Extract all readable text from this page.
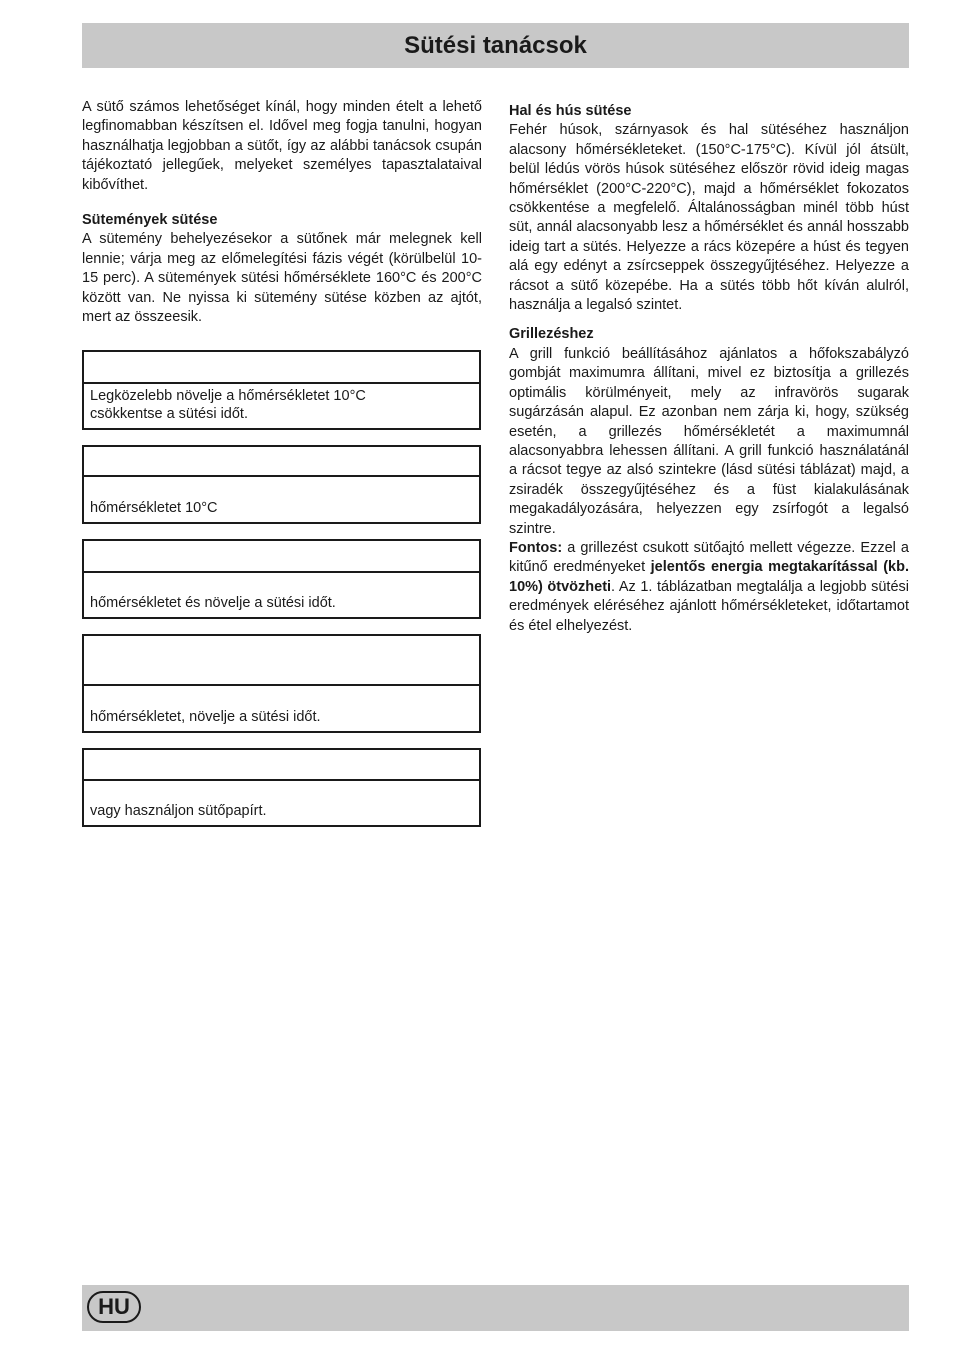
Sütési tanácsok

A sütő számos lehetőséget kínál, hogy minden ételt a lehető legfinomabban készítsen el. Idővel meg fogja tanulni, hogyan használhatja legjobban a sütőt, így az alábbi tanácsok csupán tájékoztató jellegűek, melyeket személyes tapasztalataival kibővíthet.

Sütemények sütése

A sütemény behelyezésekor a sütőnek már melegnek kell lennie; várja meg az előmelegítési fázis végét (körülbelül 10-15 perc). A sütemények sütési hőmérséklete 160°C és 200°C között van. Ne nyissa ki sütemény sütése közben az ajtót, mert az összeesik.

Legközelebb növelje a hőmérsékletet 10°C
csökkentse a sütési időt.
hőmérsékletet 10°C
hőmérsékletet és növelje a sütési időt.
hőmérsékletet, növelje a sütési időt.
vagy használjon sütőpapírt.

Hal és hús sütése

Fehér húsok, szárnyasok és hal sütéséhez használjon alacsony hőmérsékleteket. (150°C-175°C). Kívül jól átsült, belül lédús vörös húsok sütéséhez először rövid ideig magas hőmérséklet (200°C-220°C), majd a hőmérséklet fokozatos csökkentése a megfelelő. Általánosságban minél több húst süt, annál alacsonyabb lesz a hőmérséklet és annál hosszabb ideig tart a sütés. Helyezze a rács közepére a húst és tegyen alá egy edényt a zsírcseppek összegyűjtéséhez. Helyezze a rácsot a sütő közepébe. Ha a sütés több hőt kíván alulról, használja a legalsó szintet.

Grillezéshez

A grill funkció beállításához ajánlatos a hőfokszabályzó gombját maximumra állítani, mivel ez biztosítja a grillezés optimális körülményeit, mely az infravörös sugarak sugárzásán alapul. Ez azonban nem zárja ki, hogy, szükség esetén, a grillezés hőmérsékletét a maximumnál alacsonyabbra lehessen állítani. A grill funkció használatánál a rácsot tegye az alsó szintekre (lásd sütési táblázat) majd, a zsiradék összegyűjtéséhez és a füst kialakulásának megakadályozására, helyezzen egy zsírfogót a legalsó szintre.

Fontos: a grillezést csukott sütőajtó mellett végezze. Ezzel a kitűnő eredményeket jelentős energia megtakarítással (kb. 10%) ötvözheti. Az 1. táblázatban megtalálja a legjobb sütési eredmények eléréséhez ajánlott hőmérsékleteket, időtartamot és étel elhelyezést.

HU
